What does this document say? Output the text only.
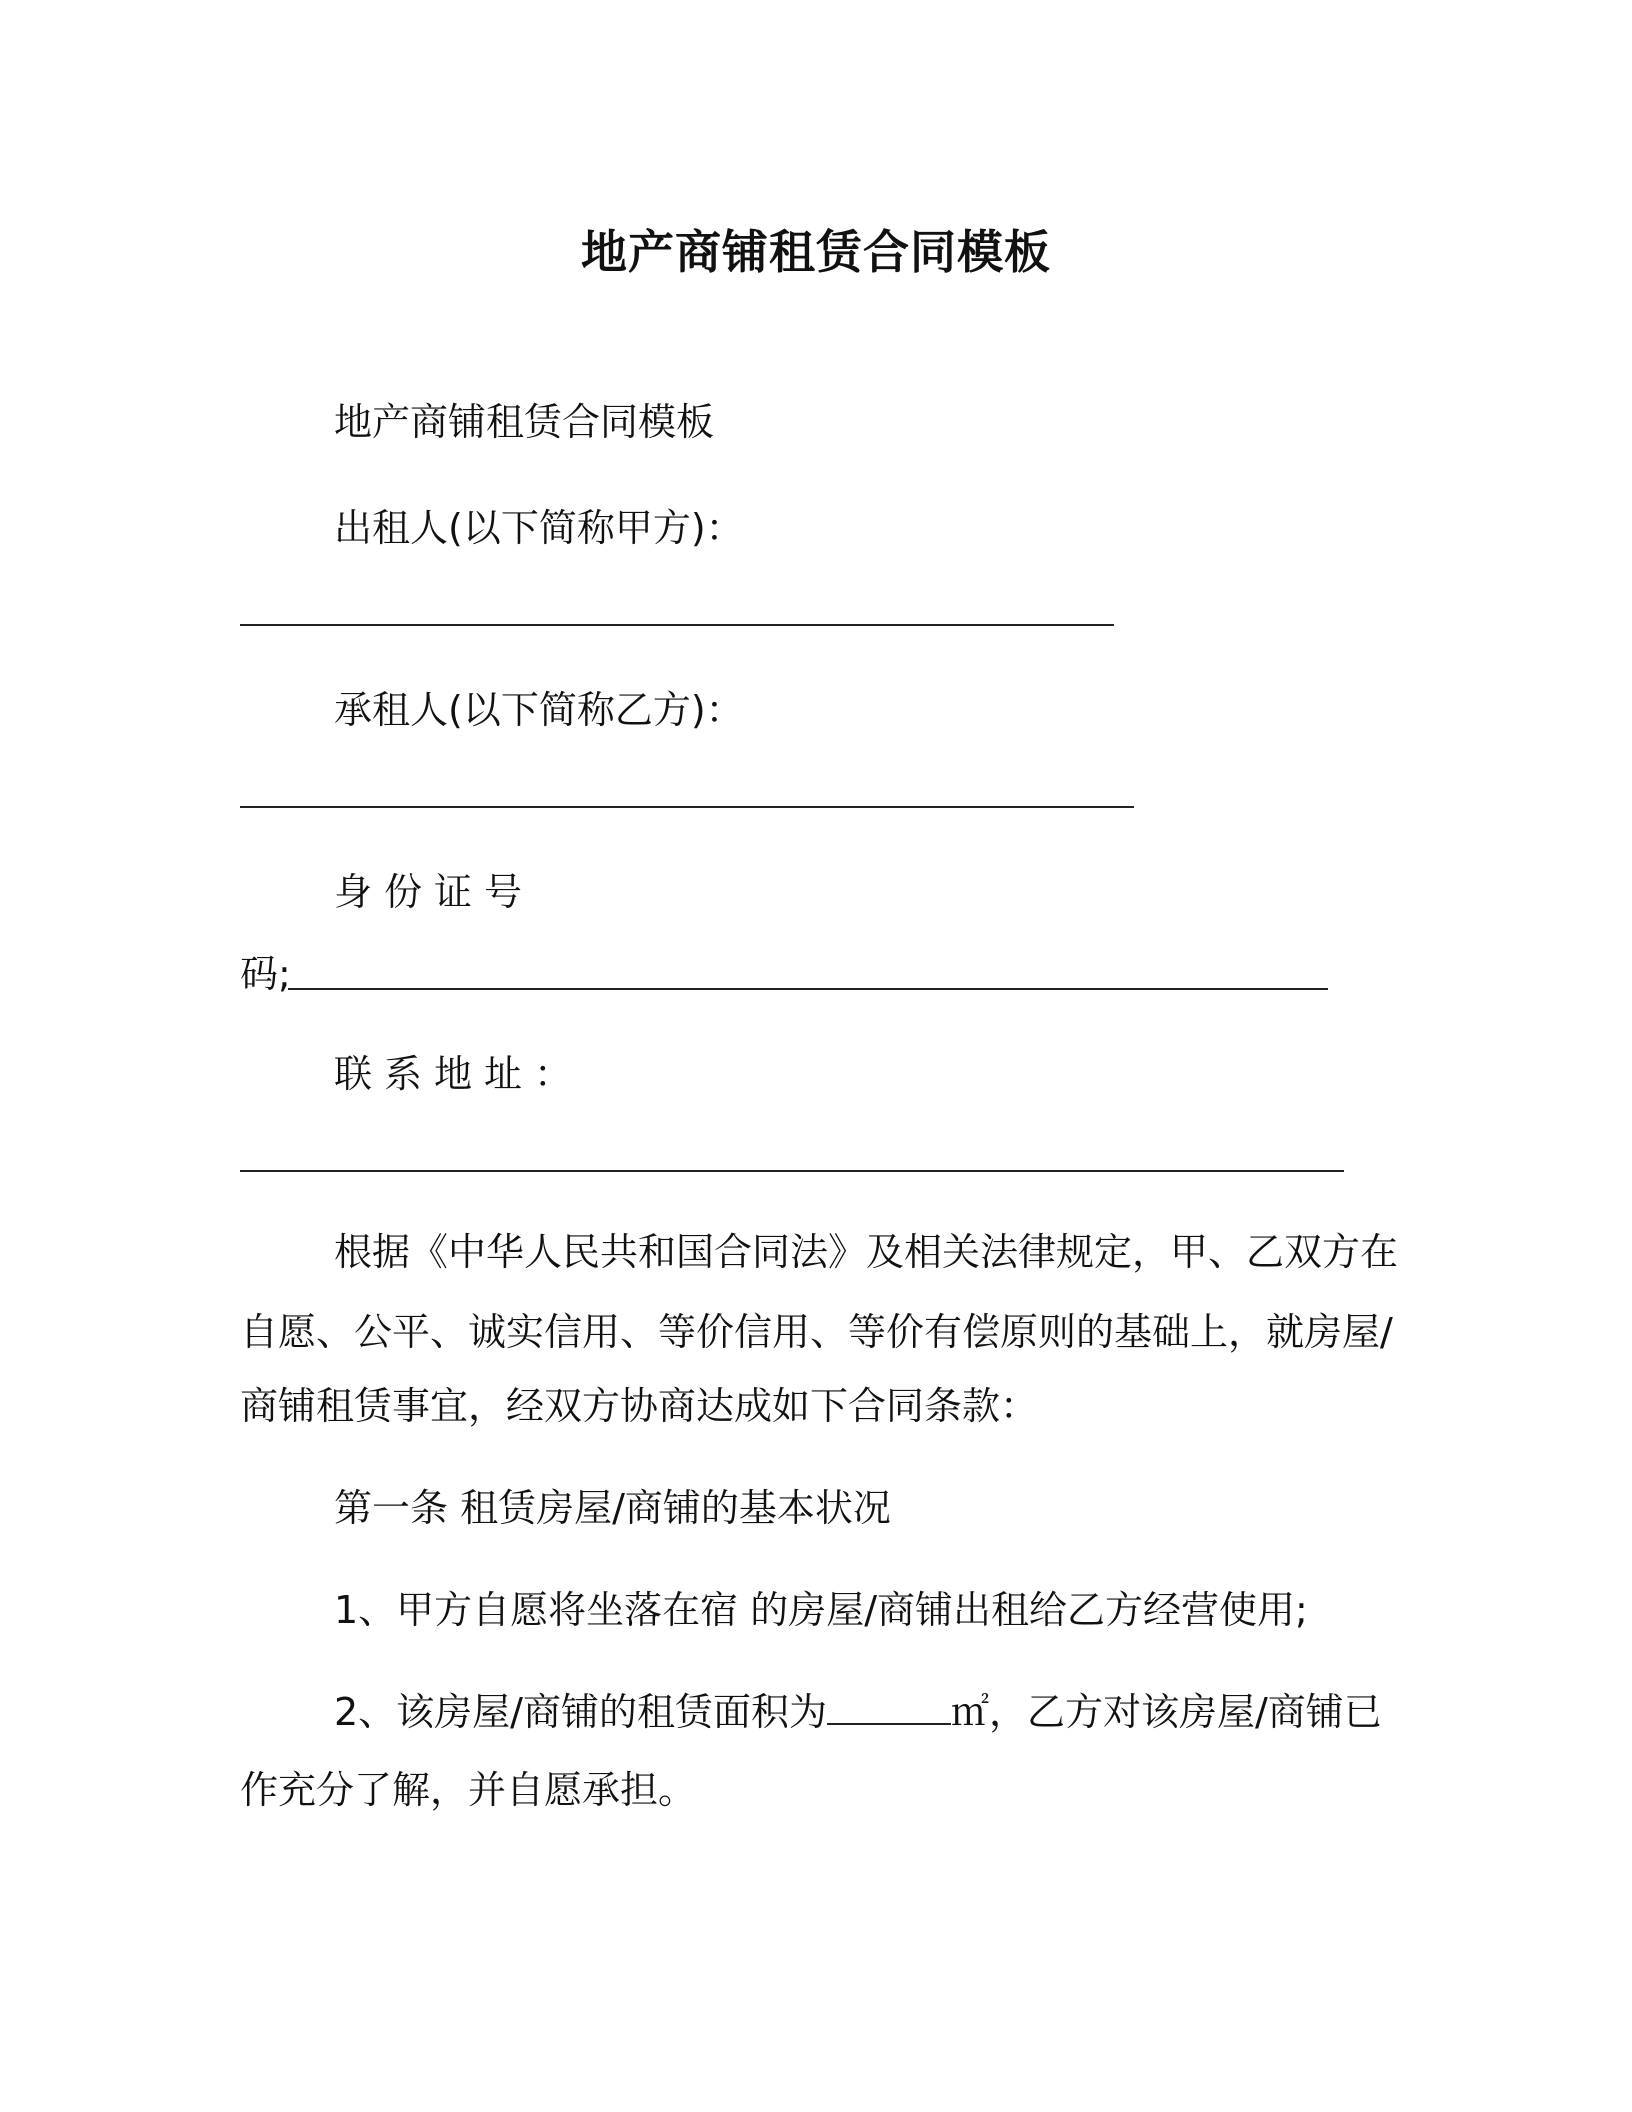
地产商铺租赁合同模板
地产商铺租赁合同模板
出租人(以下简称甲方)：
承租人(以下简称乙方)：
身份证号
码;
联系地址：
根据《中华人民共和国合同法》及相关法律规定，甲、乙双方在
自愿、公平、诚实信用、等价信用、等价有偿原则的基础上，就房屋/
商铺租赁事宜，经双方协商达成如下合同条款：
第一条 租赁房屋/商铺的基本状况
1、甲方自愿将坐落在宿 的房屋/商铺出租给乙方经营使用;
2、该房屋/商铺的租赁面积为	㎡，乙方对该房屋/商铺已
作充分了解，并自愿承担。
